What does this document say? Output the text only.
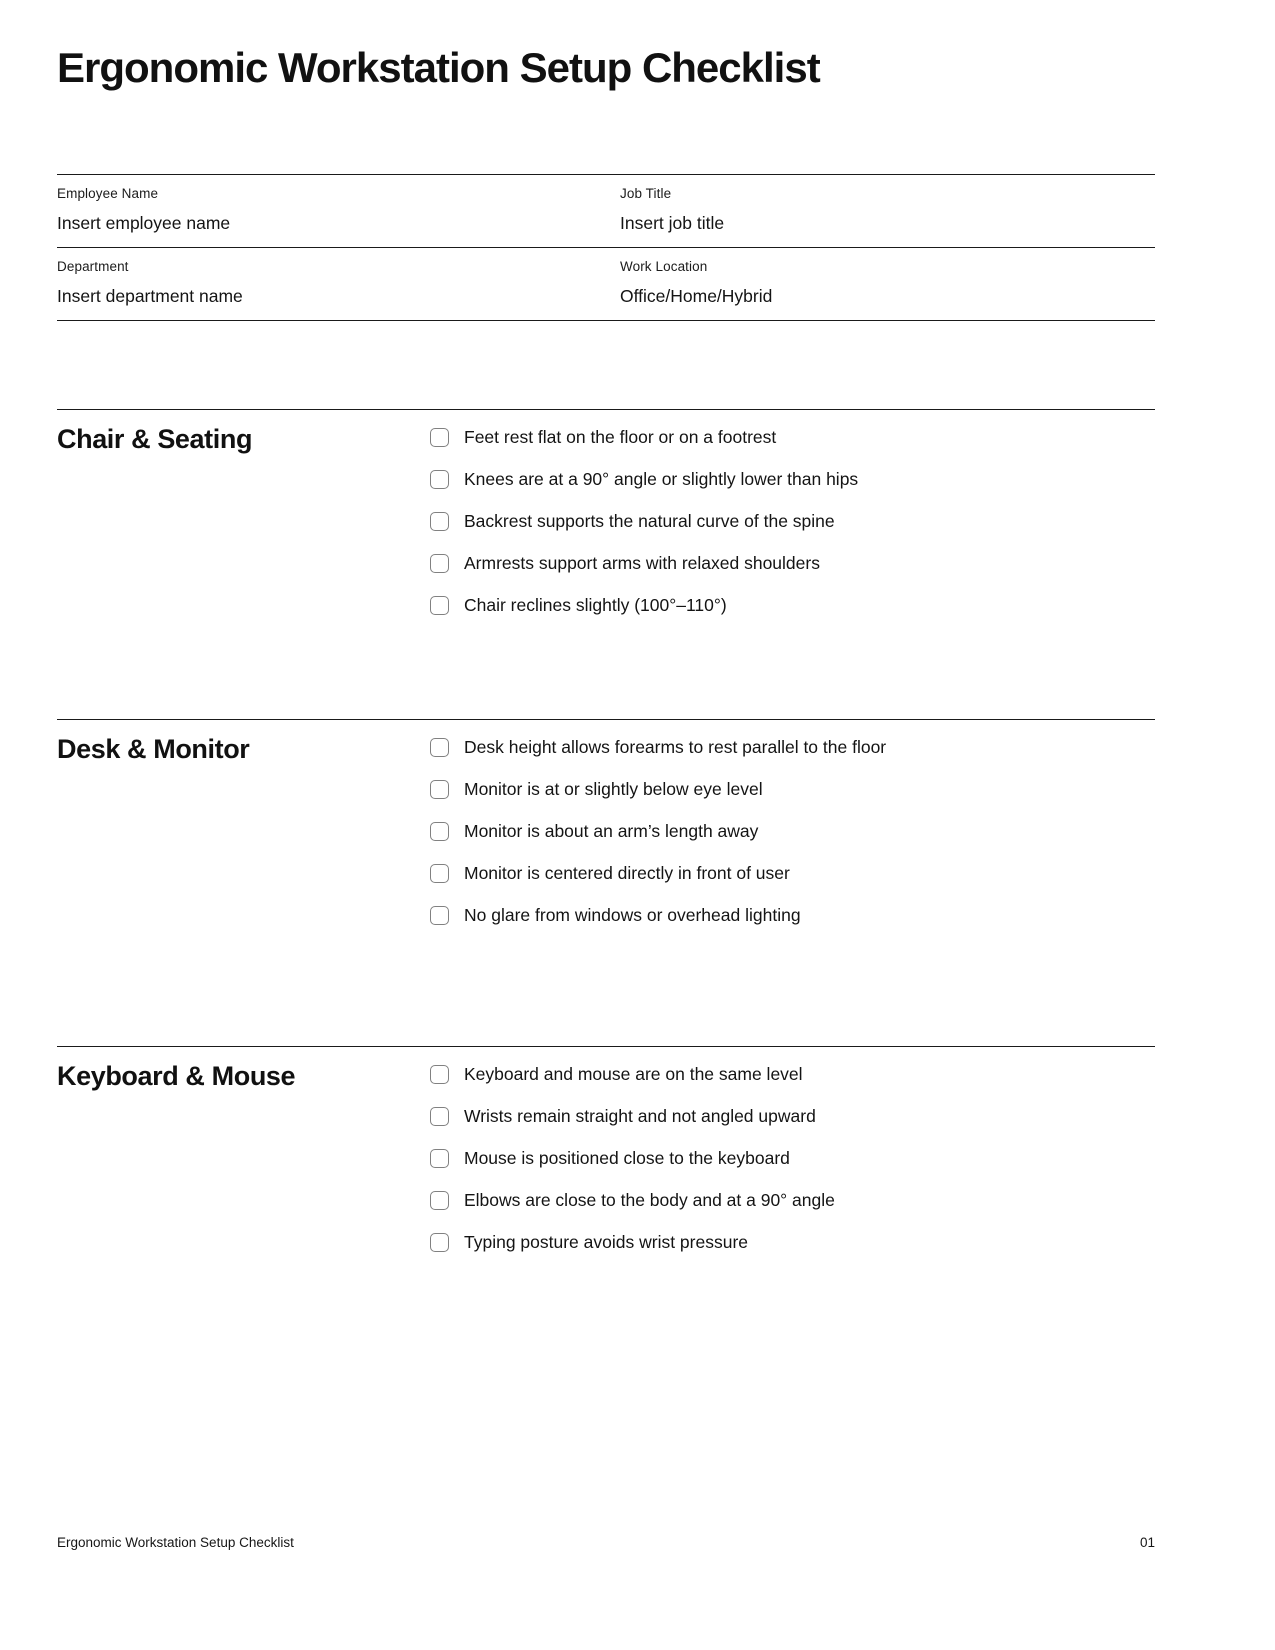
Ergonomic Workstation Setup Checklist
Employee Name
Insert employee name
Job Title
Insert job title
Department
Insert department name
Work Location
Office/Home/Hybrid
Chair & Seating	Feet rest flat on the floor or on a footrest
Knees are at a 90° angle or slightly lower than hips
Backrest supports the natural curve of the spine
Armrests support arms with relaxed shoulders
Chair reclines slightly (100°–110°)
Desk & Monitor	Desk height allows forearms to rest parallel to the floor
Monitor is at or slightly below eye level
Monitor is about an arm’s length away
Monitor is centered directly in front of user
No glare from windows or overhead lighting
Keyboard & Mouse	Keyboard and mouse are on the same level
Wrists remain straight and not angled upward
Mouse is positioned close to the keyboard
Elbows are close to the body and at a 90° angle
Typing posture avoids wrist pressure
Ergonomic Workstation Setup Checklist	01
